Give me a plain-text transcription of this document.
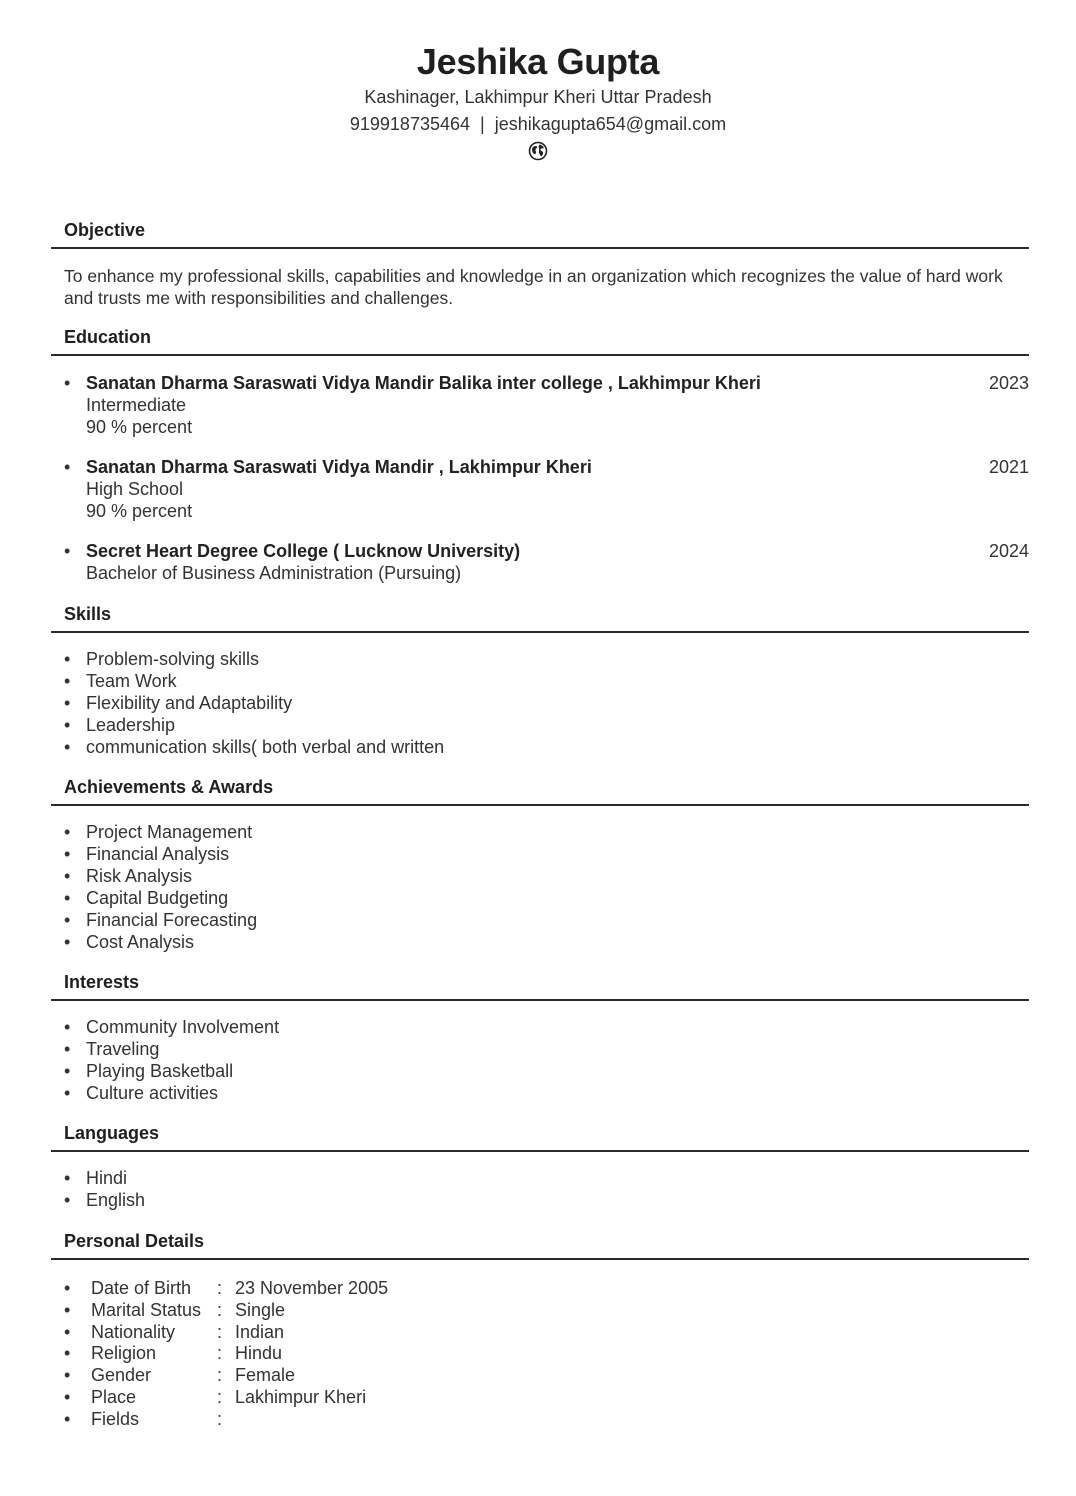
Jeshika Gupta
Kashinager, Lakhimpur Kheri Uttar Pradesh
919918735464 | jeshikagupta654@gmail.com
Objective
To enhance my professional skills, capabilities and knowledge in an organization which recognizes the value of hard work and trusts me with responsibilities and challenges.
Education
• Sanatan Dharma Saraswati Vidya Mandir Balika inter college , Lakhimpur Kheri	2023
Intermediate
90 % percent
• Sanatan Dharma Saraswati Vidya Mandir , Lakhimpur Kheri	2021
High School
90 % percent
• Secret Heart Degree College ( Lucknow University)	2024
Bachelor of Business Administration (Pursuing)
Skills
• Problem-solving skills
• Team Work
• Flexibility and Adaptability
• Leadership
• communication skills( both verbal and written
Achievements & Awards
• Project Management
• Financial Analysis
• Risk Analysis
• Capital Budgeting
• Financial Forecasting
• Cost Analysis
Interests
• Community Involvement
• Traveling
• Playing Basketball
• Culture activities
Languages
• Hindi
• English
Personal Details
• Date of Birth : 23 November 2005
• Marital Status : Single
• Nationality : Indian
• Religion	: Hindu
• Gender	: Female
• Place	: Lakhimpur Kheri
• Fields	:
